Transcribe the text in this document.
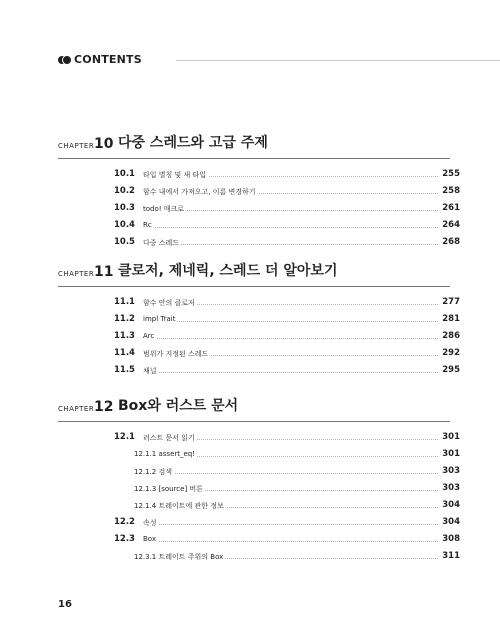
CONTENTS
CHAPTER 10 다중 스레드와 고급 주제
10.1 타입 별칭 및 새 타입	255
10.2 함수 내에서 가져오고, 이름 변경하기	258
10.3 todo! 매크로	261
10.4 Rc	264
10.5 다중 스레드	268
CHAPTER 11 클로저, 제네릭, 스레드 더 알아보기
11.1 함수 안의 클로저	277
11.2 impl Trait	281
11.3 Arc	286
11.4 범위가 지정된 스레드	292
11.5 채널	295
CHAPTER 12 Box와 러스트 문서
12.1 러스트 문서 읽기	301
12.1.1 assert_eq!	301
12.1.2 검색	303
12.1.3 [source] 버튼	303
12.1.4 트레이트에 관한 정보	304
12.2 속성	304
12.3 Box	308
12.3.1 트레이트 주위의 Box	311
16
